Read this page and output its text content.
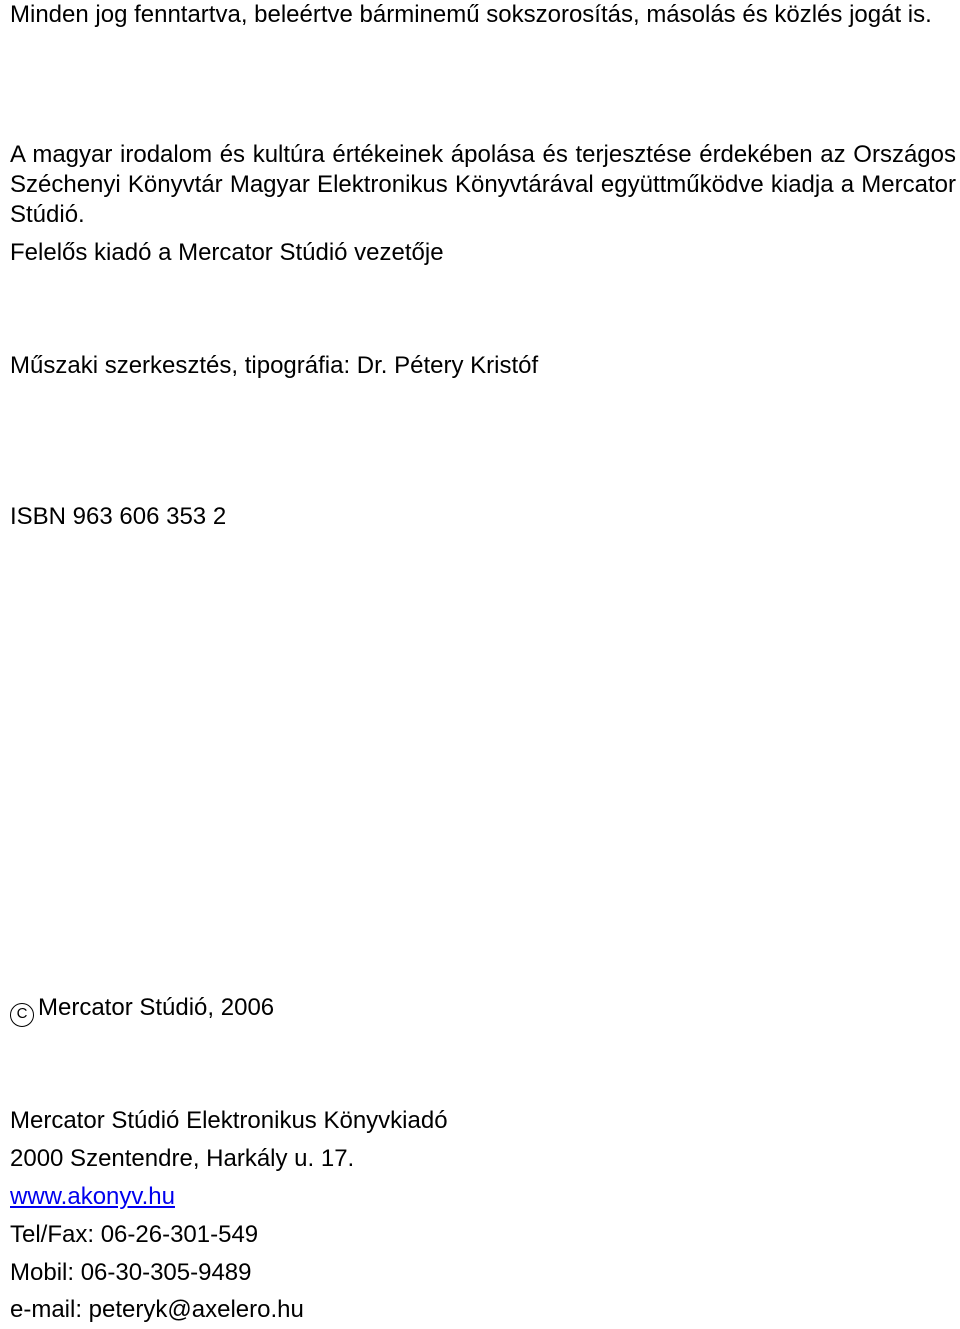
Minden jog fenntartva, beleértve bárminemű sokszorosítás, másolás és közlés jogát is.

A magyar irodalom és kultúra értékeinek ápolása és terjesztése érdekében az Országos Széchenyi Könyvtár Magyar Elektronikus Könyvtárával együttműködve kiadja a Mercator Stúdió.

Felelős kiadó a Mercator Stúdió vezetője

Műszaki szerkesztés, tipográfia: Dr. Pétery Kristóf

ISBN 963 606 353 2

C Mercator Stúdió, 2006

Mercator Stúdió Elektronikus Könyvkiadó

2000 Szentendre, Harkály u. 17.

www.akonyv.hu

Tel/Fax: 06-26-301-549

Mobil: 06-30-305-9489

e-mail: peteryk@axelero.hu
